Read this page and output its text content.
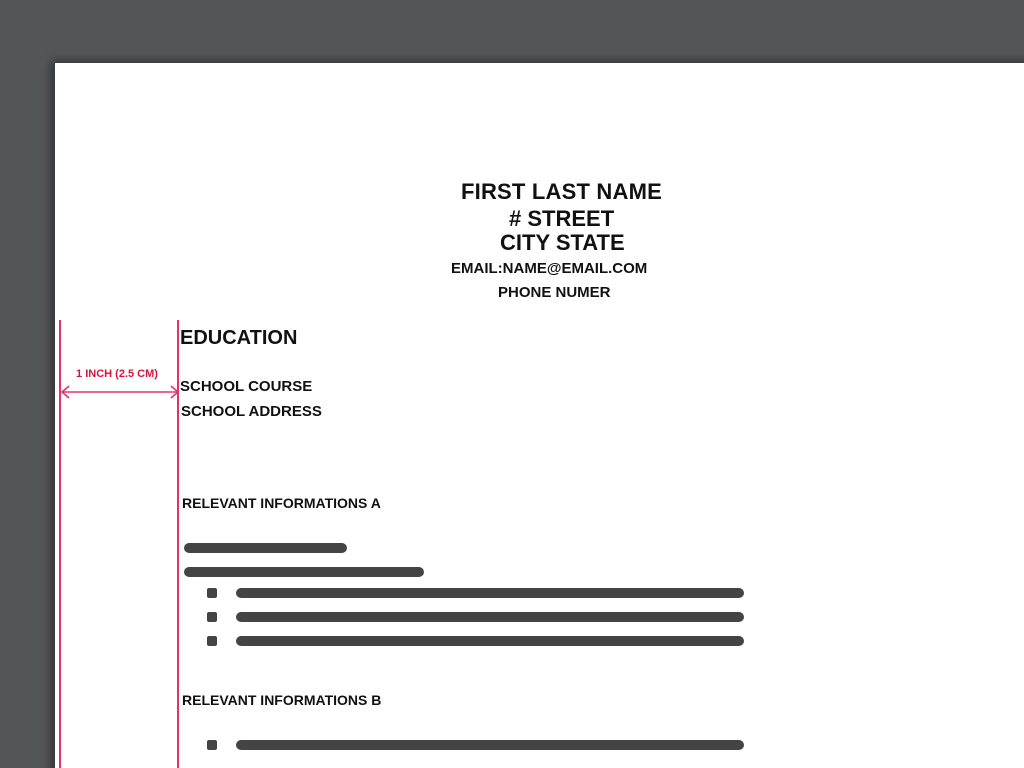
FIRST LAST NAME
# STREET
CITY STATE
EMAIL:NAME@EMAIL.COM
PHONE NUMER
EDUCATION
SCHOOL COURSE
SCHOOL ADDRESS
RELEVANT INFORMATIONS A
RELEVANT INFORMATIONS B
1 INCH (2.5 CM)
